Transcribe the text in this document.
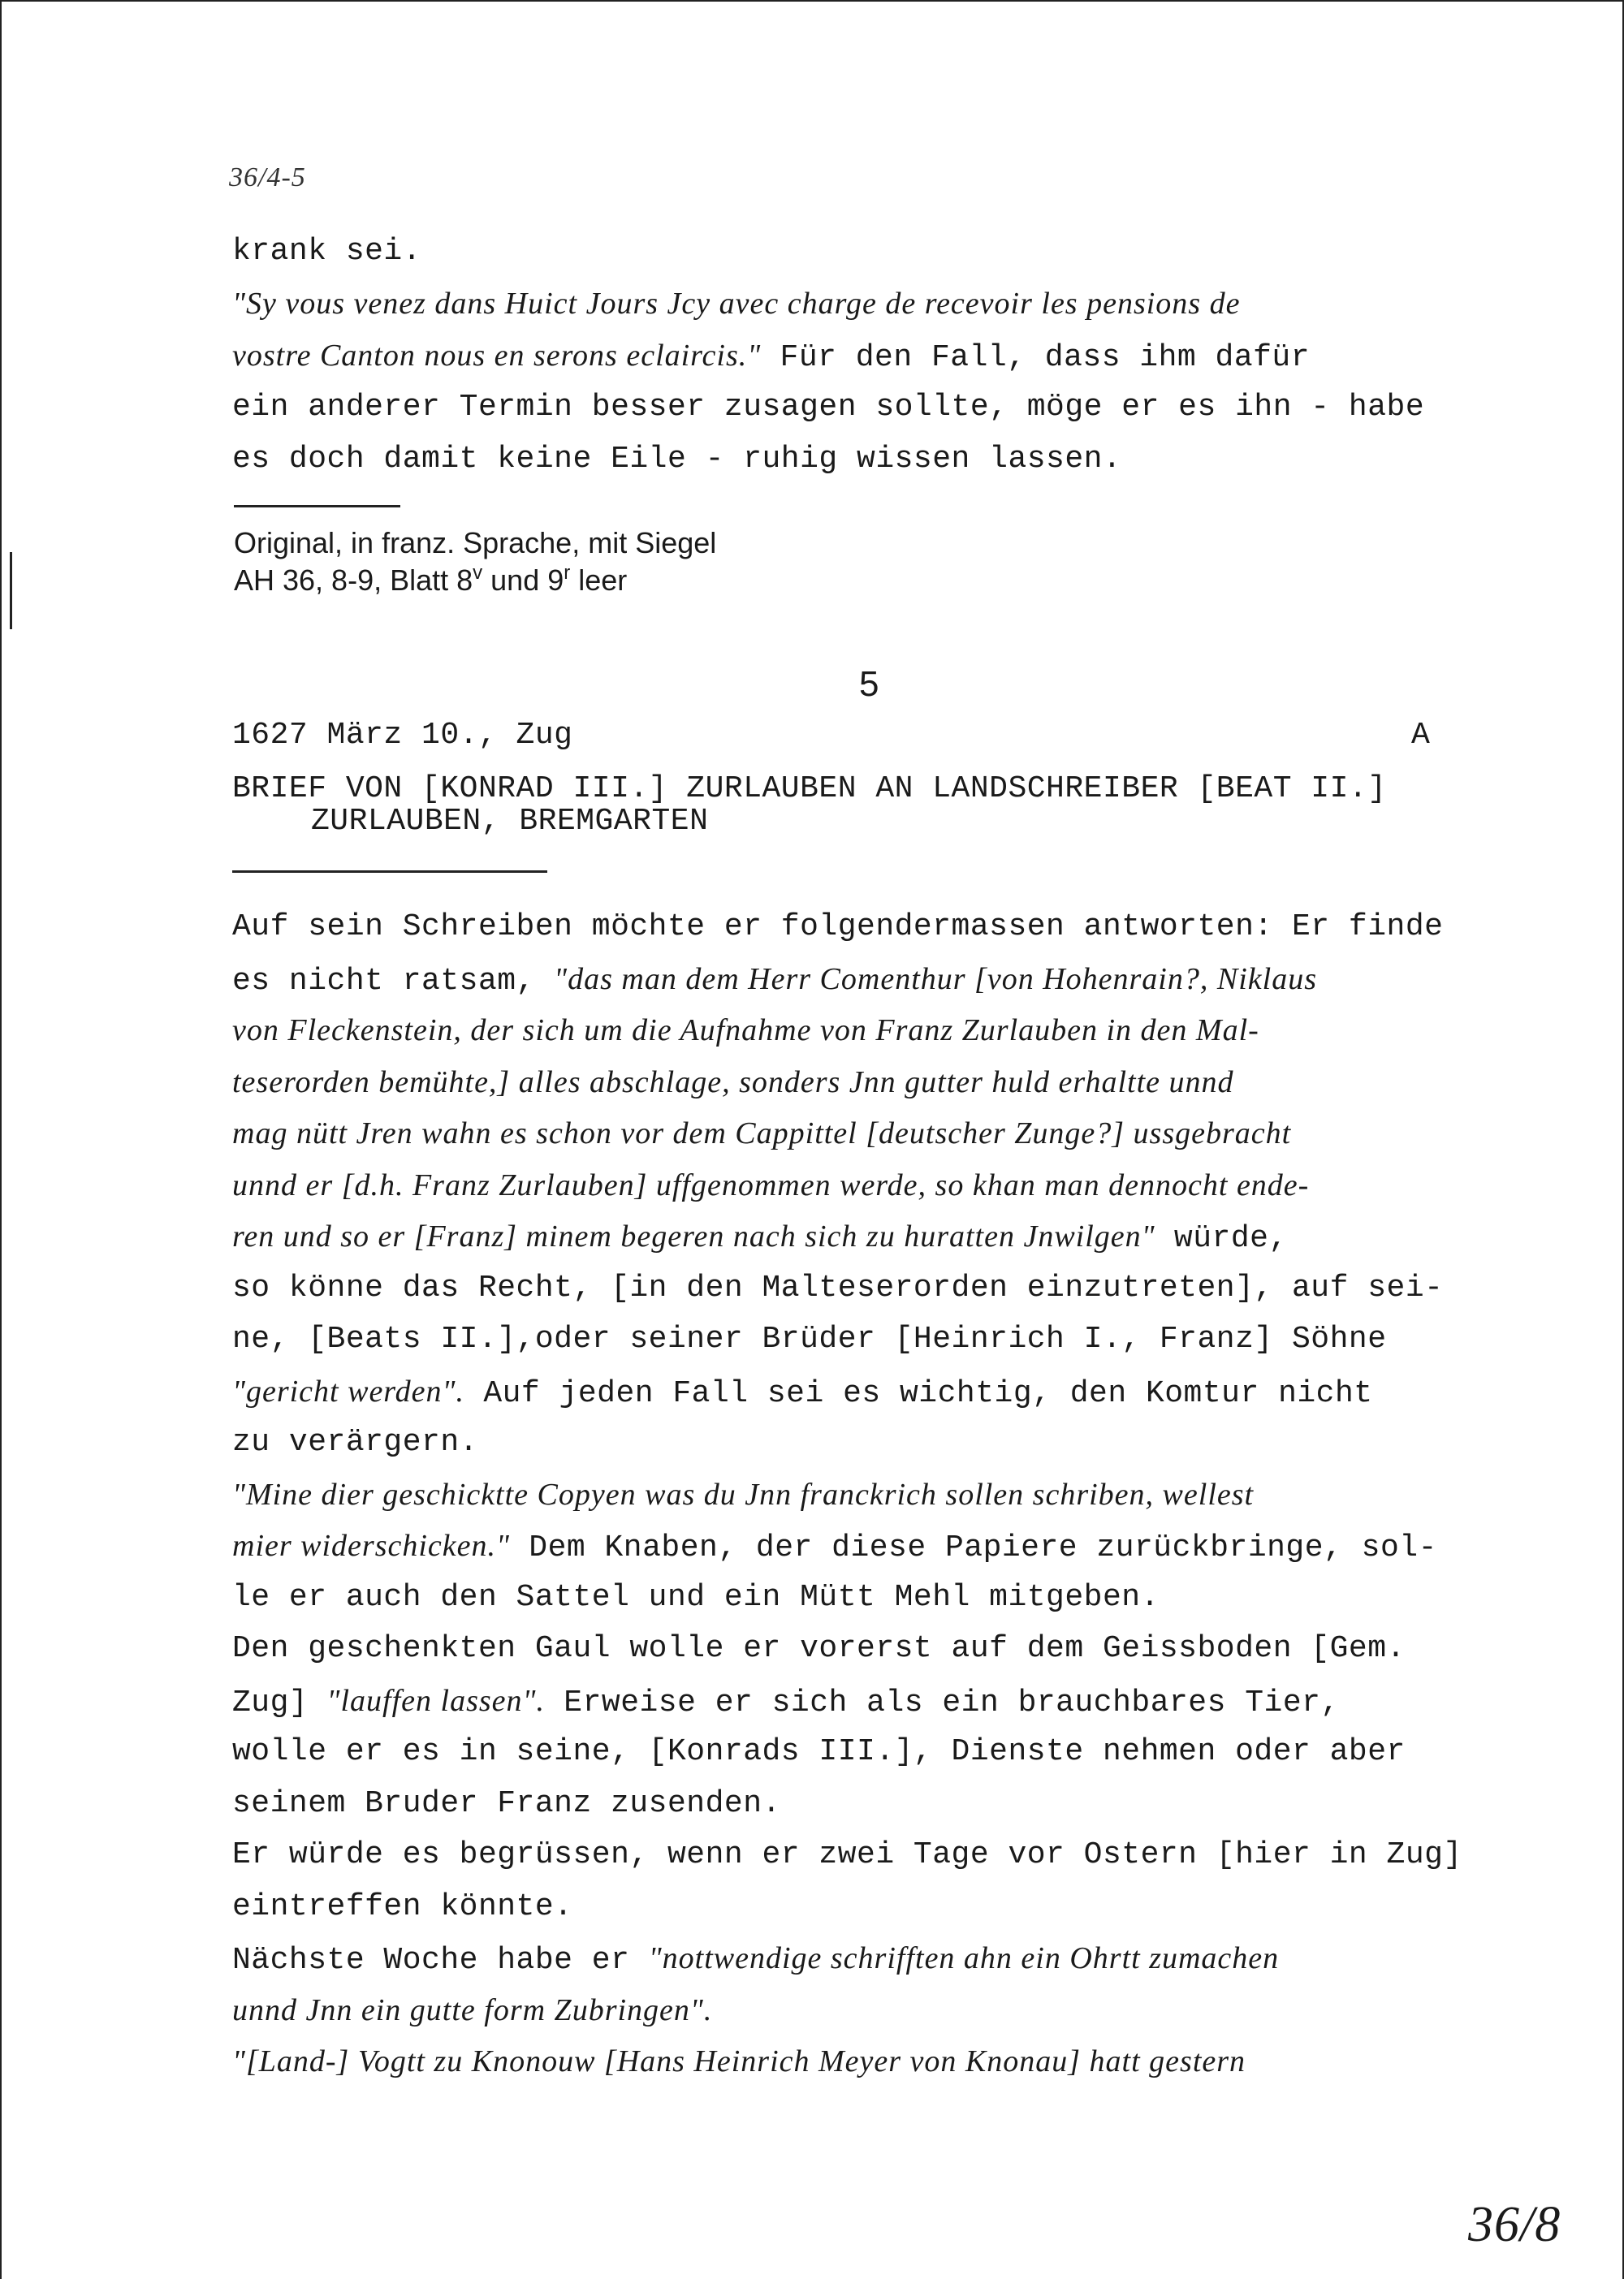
36/4-5
krank sei.
"Sy vous venez dans Huict Jours Jcy avec charge de recevoir les pensions de
vostre Canton nous en serons eclaircis." Für den Fall, dass ihm dafür
ein anderer Termin besser zusagen sollte, möge er es ihn - habe
es doch damit keine Eile - ruhig wissen lassen.
Original, in franz. Sprache, mit Siegel
AH 36, 8-9, Blatt 8$^v$ und 9$^r$ leer
5
1627 März 10., Zug	A
BRIEF VON [KONRAD III.] ZURLAUBEN AN LANDSCHREIBER [BEAT II.]
ZURLAUBEN, BREMGARTEN
Auf sein Schreiben möchte er folgendermassen antworten: Er finde
es nicht ratsam, "das man dem Herr Comenthur [von Hohenrain?, Niklaus
von Fleckenstein, der sich um die Aufnahme von Franz Zurlauben in den Mal-
teserorden bemühte,] alles abschlage, sonders Jnn gutter huld erhaltte unnd
mag nütt Jren wahn es schon vor dem Cappittel [deutscher Zunge?] ussgebracht
unnd er [d.h. Franz Zurlauben] uffgenommen werde, so khan man dennocht ende-
ren und so er [Franz] minem begeren nach sich zu huratten Jnwilgen" würde,
so könne das Recht, [in den Malteserorden einzutreten], auf sei-
ne, [Beats II.],oder seiner Brüder [Heinrich I., Franz] Söhne
"gericht werden". Auf jeden Fall sei es wichtig, den Komtur nicht
zu verärgern.
"Mine dier geschicktte Copyen was du Jnn franckrich sollen schriben, wellest
mier widerschicken." Dem Knaben, der diese Papiere zurückbringe, sol-
le er auch den Sattel und ein Mütt Mehl mitgeben.
Den geschenkten Gaul wolle er vorerst auf dem Geissboden [Gem.
Zug] "lauffen lassen". Erweise er sich als ein brauchbares Tier,
wolle er es in seine, [Konrads III.], Dienste nehmen oder aber
seinem Bruder Franz zusenden.
Er würde es begrüssen, wenn er zwei Tage vor Ostern [hier in Zug]
eintreffen könnte.
Nächste Woche habe er "nottwendige schrifften ahn ein Ohrtt zumachen
unnd Jnn ein gutte form Zubringen".
"[Land-] Vogtt zu Knonouw [Hans Heinrich Meyer von Knonau] hatt gestern
36/8
